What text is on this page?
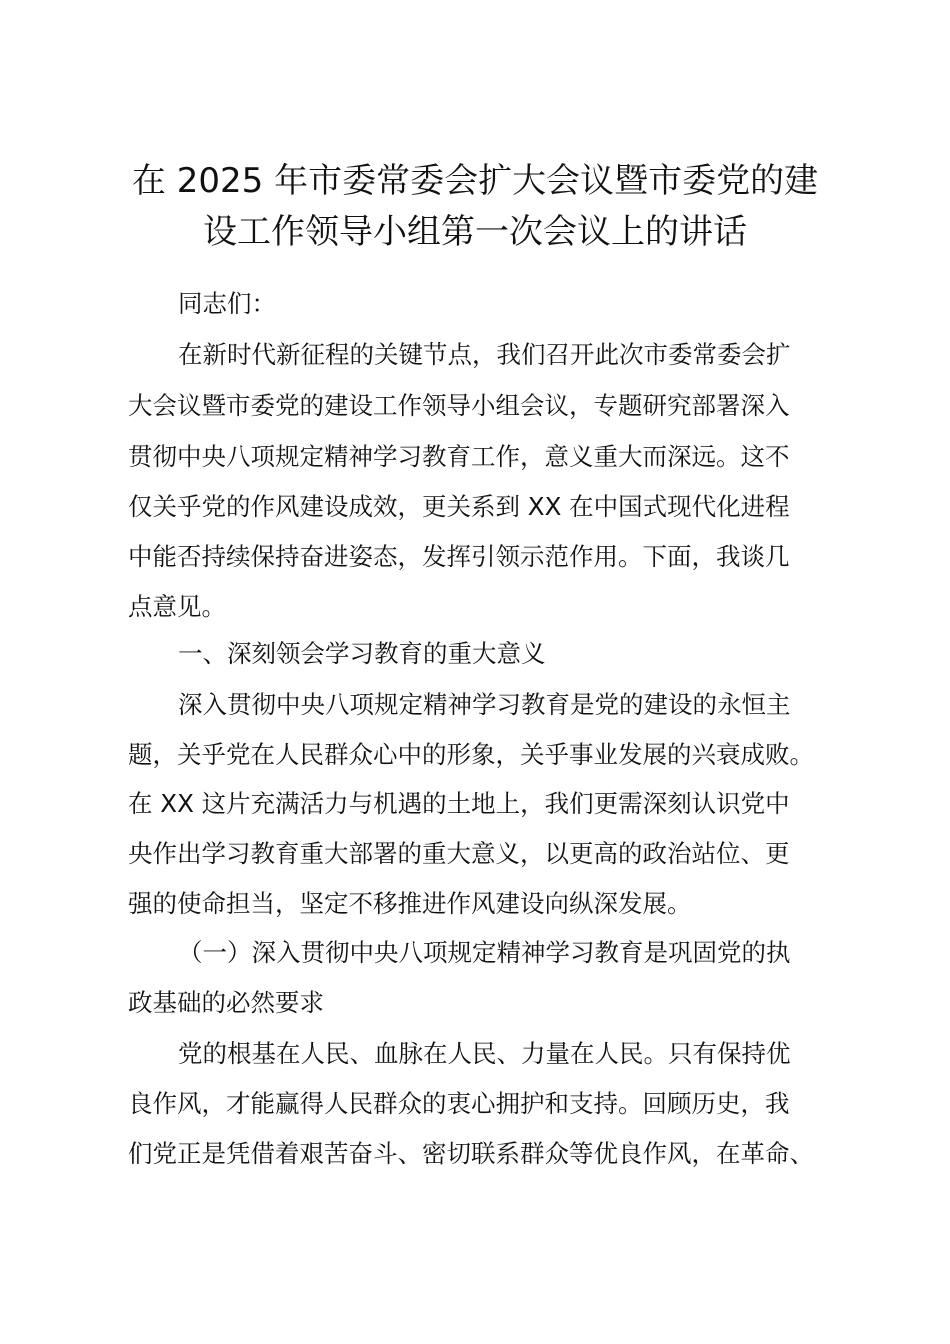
在 2025 年市委常委会扩大会议暨市委党的建
设工作领导小组第一次会议上的讲话

同志们：

在新时代新征程的关键节点，我们召开此次市委常委会扩

大会议暨市委党的建设工作领导小组会议，专题研究部署深入

贯彻中央八项规定精神学习教育工作，意义重大而深远。这不

仅关乎党的作风建设成效，更关系到 XX 在中国式现代化进程

中能否持续保持奋进姿态，发挥引领示范作用。下面，我谈几

点意见。

一、深刻领会学习教育的重大意义

深入贯彻中央八项规定精神学习教育是党的建设的永恒主

题，关乎党在人民群众心中的形象，关乎事业发展的兴衰成败。

在 XX 这片充满活力与机遇的土地上，我们更需深刻认识党中

央作出学习教育重大部署的重大意义，以更高的政治站位、更

强的使命担当，坚定不移推进作风建设向纵深发展。

（一）深入贯彻中央八项规定精神学习教育是巩固党的执

政基础的必然要求

党的根基在人民、血脉在人民、力量在人民。只有保持优

良作风，才能赢得人民群众的衷心拥护和支持。回顾历史，我

们党正是凭借着艰苦奋斗、密切联系群众等优良作风，在革命、
